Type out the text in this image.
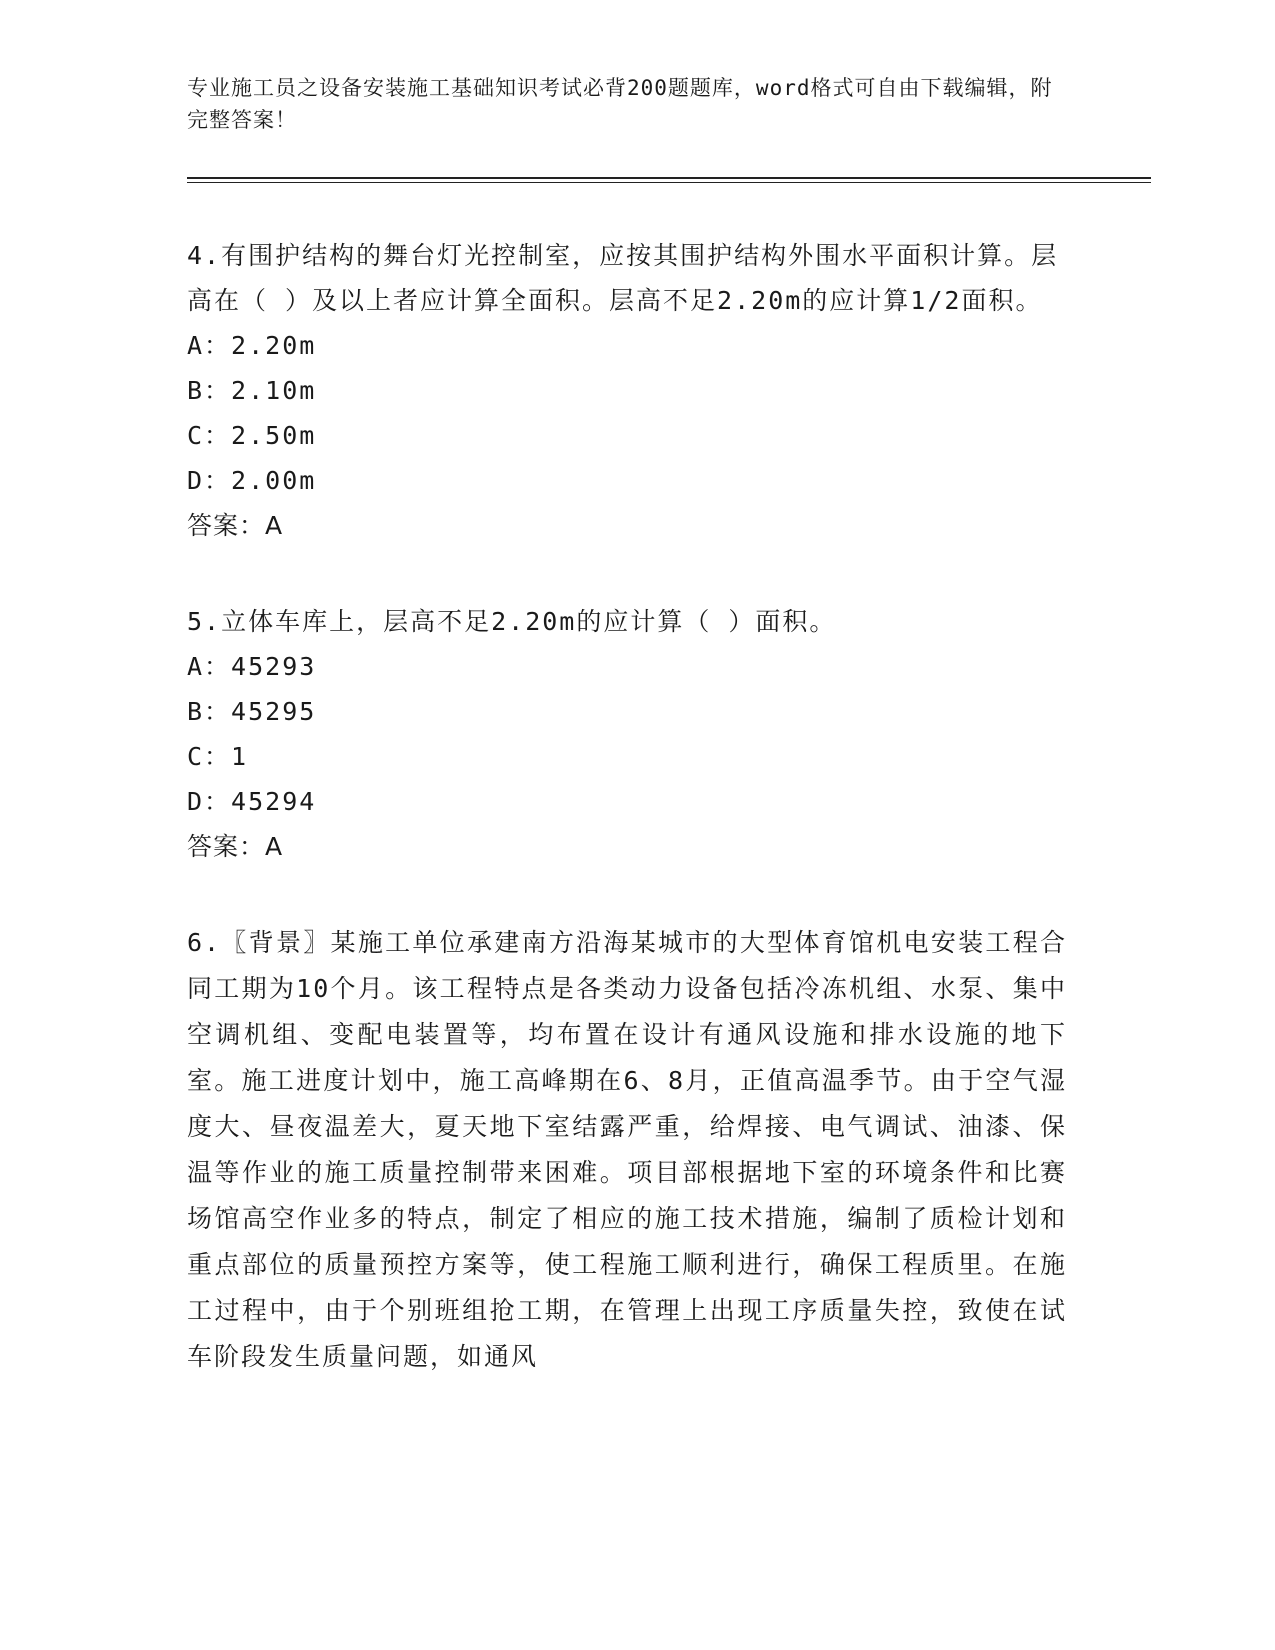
专业施工员之设备安装施工基础知识考试必背200题题库，word格式可自由下载编辑，附完整答案！
4.有围护结构的舞台灯光控制室，应按其围护结构外围水平面积计算。层高在（ ）及以上者应计算全面积。层高不足2.20m的应计算1/2面积。
A：2.20m
B：2.10m
C：2.50m
D：2.00m
答案：A
5.立体车库上，层高不足2.20m的应计算（ ）面积。
A：45293
B：45295
C：1
D：45294
答案：A
6.〖背景〗某施工单位承建南方沿海某城市的大型体育馆机电安装工程合同工期为10个月。该工程特点是各类动力设备包括冷冻机组、水泵、集中空调机组、变配电装置等，均布置在设计有通风设施和排水设施的地下室。施工进度计划中，施工高峰期在6、8月，正值高温季节。由于空气湿度大、昼夜温差大，夏天地下室结露严重，给焊接、电气调试、油漆、保温等作业的施工质量控制带来困难。项目部根据地下室的环境条件和比赛场馆高空作业多的特点，制定了相应的施工技术措施，编制了质检计划和重点部位的质量预控方案等，使工程施工顺利进行，确保工程质里。在施工过程中，由于个别班组抢工期，在管理上出现工序质量失控，致使在试车阶段发生质量问题，如通风
